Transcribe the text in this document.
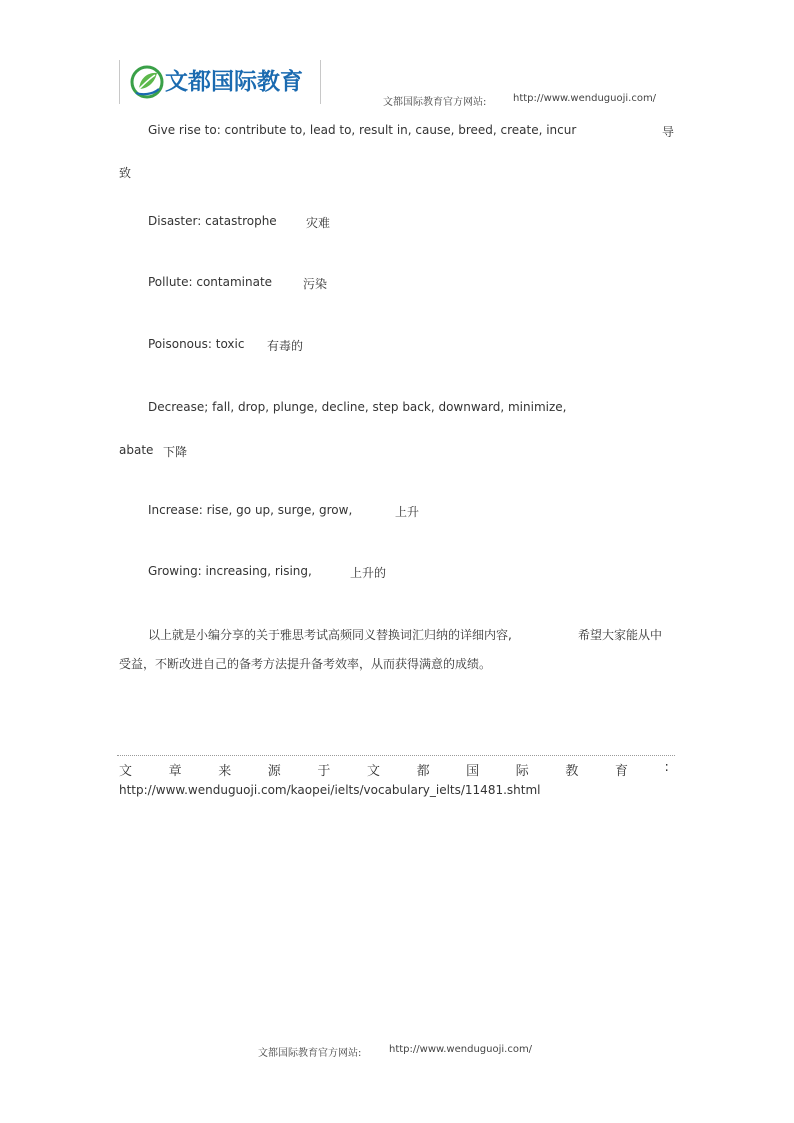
文都国际教育
文都国际教育官方网站:	http://www.wenduguoji.com/
Give rise to: contribute to, lead to, result in, cause, breed, create, incur	导
致
Disaster: catastrophe 灾难
Pollute: contaminate	污染
Poisonous: toxic 有毒的
Decrease; fall, drop, plunge, decline, step back, downward, minimize,
abate 下降
Increase: rise, go up, surge, grow,	上升
Growing: increasing, rising,	上升的
以上就是小编分享的关于雅思考试高频同义替换词汇归纳的详细内容,	希望大家能从中
受益，不断改进自己的备考方法提升备考效率，从而获得满意的成绩。
文	章	来	源	于	文	都	国	际	教	育	:
http://www.wenduguoji.com/kaopei/ielts/vocabulary_ielts/11481.shtml
文都国际教育官方网站:	http://www.wenduguoji.com/
